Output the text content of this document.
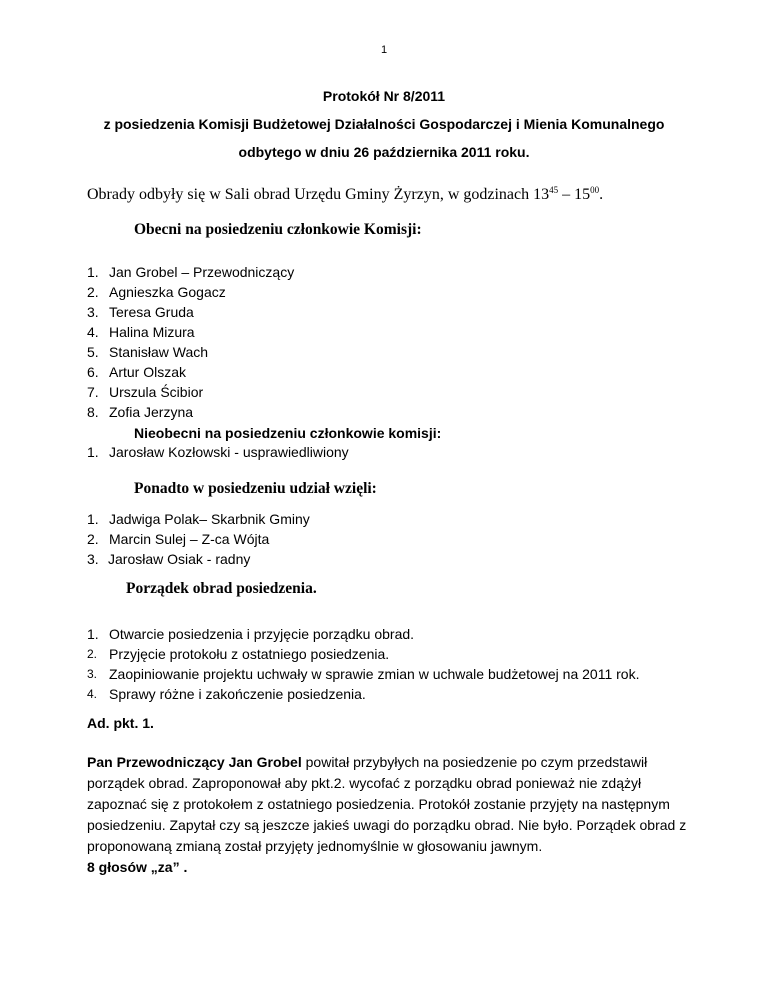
1
Protokół Nr 8/2011
z posiedzenia Komisji Budżetowej Działalności Gospodarczej i Mienia Komunalnego
odbytego w dniu 26 października 2011 roku.
Obrady odbyły się w Sali obrad Urzędu Gminy Żyrzyn, w godzinach $13^{45} - 15^{00}$.
Obecni na posiedzeniu członkowie Komisji:
1. Jan Grobel – Przewodniczący
2. Agnieszka Gogacz
3. Teresa Gruda
4. Halina Mizura
5. Stanisław Wach
6. Artur Olszak
7. Urszula Ścibior
8. Zofia Jerzyna
Nieobecni na posiedzeniu członkowie komisji:
1. Jarosław Kozłowski - usprawiedliwiony
Ponadto w posiedzeniu udział wzięli:
1. Jadwiga Polak– Skarbnik Gminy
2. Marcin Sulej – Z-ca Wójta
3. Jarosław Osiak - radny
Porządek obrad posiedzenia.
1. Otwarcie posiedzenia i przyjęcie porządku obrad.
2. Przyjęcie protokołu z ostatniego posiedzenia.
3. Zaopiniowanie projektu uchwały w sprawie zmian w uchwale budżetowej na 2011 rok.
4. Sprawy różne i zakończenie posiedzenia.
Ad. pkt. 1.
Pan Przewodniczący Jan Grobel powitał przybyłych na posiedzenie po czym przedstawił porządek obrad. Zaproponował aby pkt.2. wycofać z porządku obrad ponieważ nie zdążył zapoznać się z protokołem z ostatniego posiedzenia. Protokół zostanie przyjęty na następnym posiedzeniu. Zapytał czy są jeszcze jakieś uwagi do porządku obrad. Nie było. Porządek obrad z proponowaną zmianą został przyjęty jednomyślnie w głosowaniu jawnym.
8 głosów „za” .
